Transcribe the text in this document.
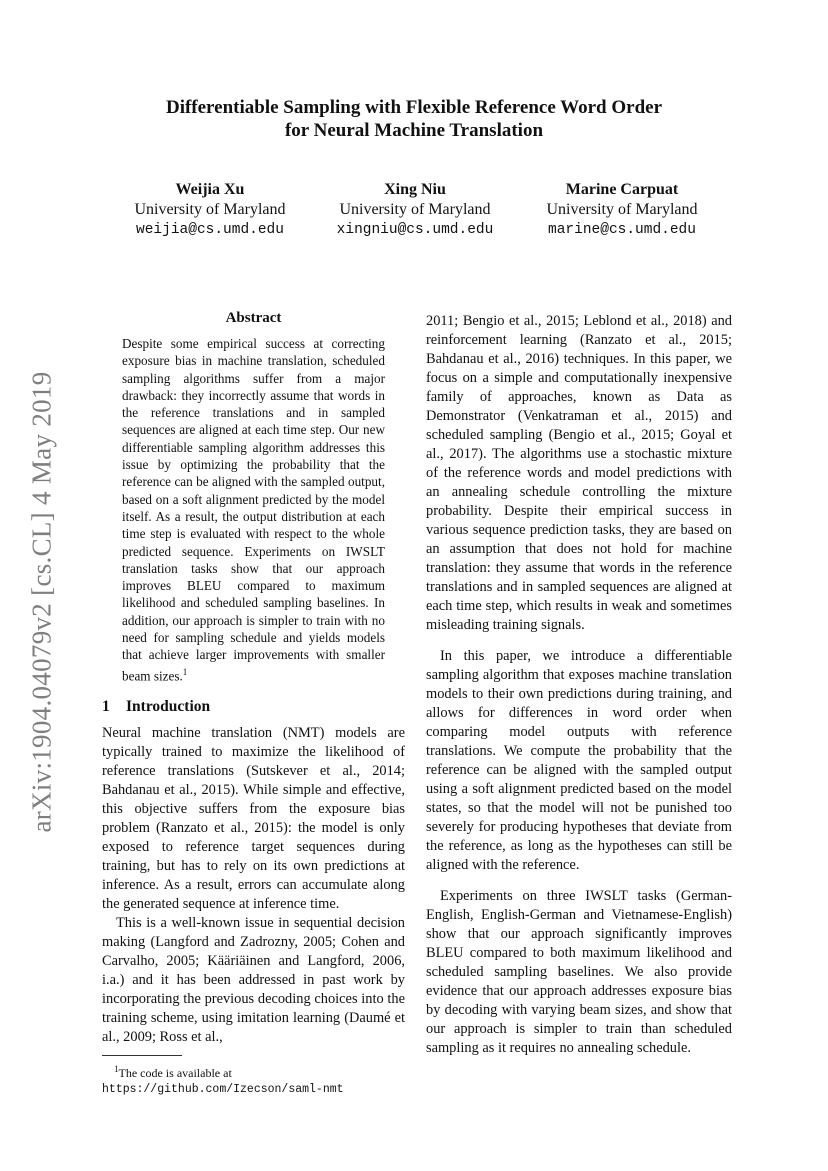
Differentiable Sampling with Flexible Reference Word Order
for Neural Machine Translation
Weijia Xu
University of Maryland
weijia@cs.umd.edu
Xing Niu
University of Maryland
xingniu@cs.umd.edu
Marine Carpuat
University of Maryland
marine@cs.umd.edu
arXiv:1904.04079v2 [cs.CL] 4 May 2019
Abstract
Despite some empirical success at correcting exposure bias in machine translation, scheduled sampling algorithms suffer from a major drawback: they incorrectly assume that words in the reference translations and in sampled sequences are aligned at each time step. Our new differentiable sampling algorithm addresses this issue by optimizing the probability that the reference can be aligned with the sampled output, based on a soft alignment predicted by the model itself. As a result, the output distribution at each time step is evaluated with respect to the whole predicted sequence. Experiments on IWSLT translation tasks show that our approach improves BLEU compared to maximum likelihood and scheduled sampling baselines. In addition, our approach is simpler to train with no need for sampling schedule and yields models that achieve larger improvements with smaller beam sizes.$^1$
1 Introduction

Neural machine translation (NMT) models are typically trained to maximize the likelihood of reference translations (Sutskever et al., 2014; Bahdanau et al., 2015). While simple and effective, this objective suffers from the exposure bias problem (Ranzato et al., 2015): the model is only exposed to reference target sequences during training, but has to rely on its own predictions at inference. As a result, errors can accumulate along the generated sequence at inference time.

This is a well-known issue in sequential decision making (Langford and Zadrozny, 2005; Cohen and Carvalho, 2005; Kääriäinen and Langford, 2006, i.a.) and it has been addressed in past work by incorporating the previous decoding choices into the training scheme, using imitation learning (Daumé et al., 2009; Ross et al.,

$^1$The code is available at https://github.com/Izecson/saml-nmt

2011; Bengio et al., 2015; Leblond et al., 2018) and reinforcement learning (Ranzato et al., 2015; Bahdanau et al., 2016) techniques. In this paper, we focus on a simple and computationally inexpensive family of approaches, known as Data as Demonstrator (Venkatraman et al., 2015) and scheduled sampling (Bengio et al., 2015; Goyal et al., 2017). The algorithms use a stochastic mixture of the reference words and model predictions with an annealing schedule controlling the mixture probability. Despite their empirical success in various sequence prediction tasks, they are based on an assumption that does not hold for machine translation: they assume that words in the reference translations and in sampled sequences are aligned at each time step, which results in weak and sometimes misleading training signals.

In this paper, we introduce a differentiable sampling algorithm that exposes machine translation models to their own predictions during training, and allows for differences in word order when comparing model outputs with reference translations. We compute the probability that the reference can be aligned with the sampled output using a soft alignment predicted based on the model states, so that the model will not be punished too severely for producing hypotheses that deviate from the reference, as long as the hypotheses can still be aligned with the reference.

Experiments on three IWSLT tasks (German-English, English-German and Vietnamese-English) show that our approach significantly improves BLEU compared to both maximum likelihood and scheduled sampling baselines. We also provide evidence that our approach addresses exposure bias by decoding with varying beam sizes, and show that our approach is simpler to train than scheduled sampling as it requires no annealing schedule.
